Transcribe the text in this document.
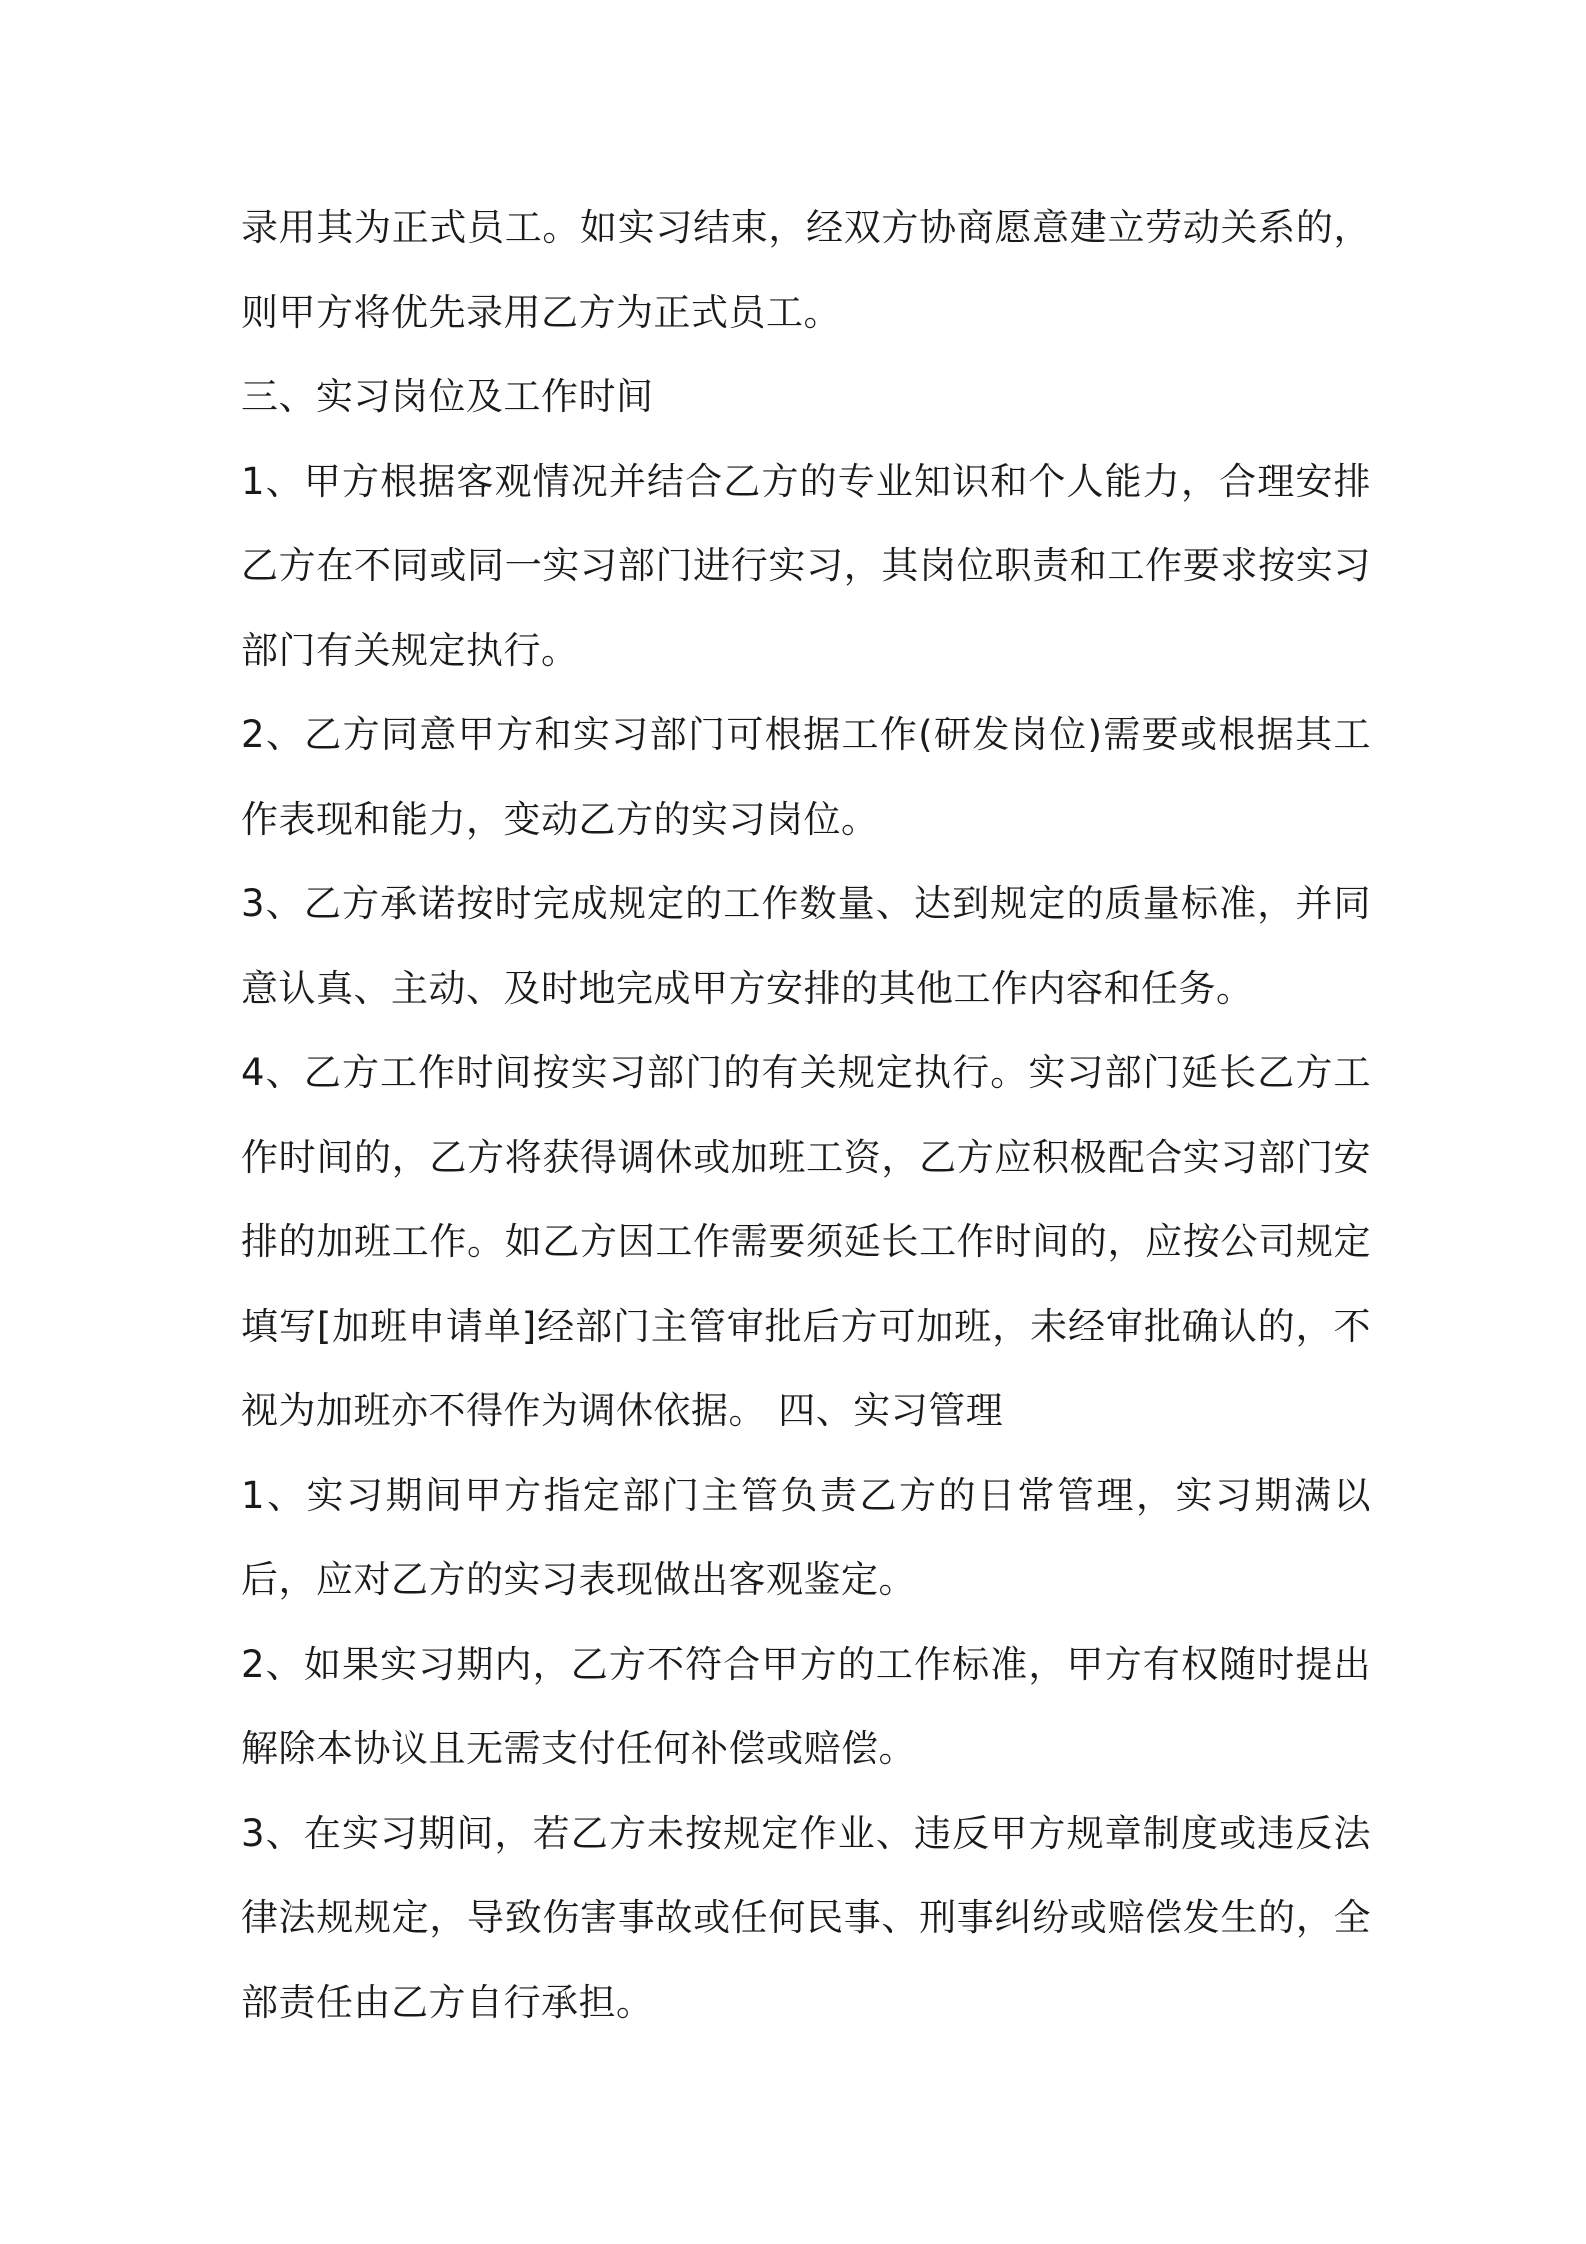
录用其为正式员工。如实习结束，经双方协商愿意建立劳动关系的，则甲方将优先录用乙方为正式员工。

三、实习岗位及工作时间

1、甲方根据客观情况并结合乙方的专业知识和个人能力，合理安排乙方在不同或同一实习部门进行实习，其岗位职责和工作要求按实习部门有关规定执行。

2、乙方同意甲方和实习部门可根据工作(研发岗位)需要或根据其工作表现和能力，变动乙方的实习岗位。

3、乙方承诺按时完成规定的工作数量、达到规定的质量标准，并同意认真、主动、及时地完成甲方安排的其他工作内容和任务。

4、乙方工作时间按实习部门的有关规定执行。实习部门延长乙方工作时间的，乙方将获得调休或加班工资，乙方应积极配合实习部门安排的加班工作。如乙方因工作需要须延长工作时间的，应按公司规定填写[加班申请单]经部门主管审批后方可加班，未经审批确认的，不视为加班亦不得作为调休依据。 四、实习管理

1、实习期间甲方指定部门主管负责乙方的日常管理，实习期满以后，应对乙方的实习表现做出客观鉴定。

2、如果实习期内，乙方不符合甲方的工作标准，甲方有权随时提出解除本协议且无需支付任何补偿或赔偿。

3、在实习期间，若乙方未按规定作业、违反甲方规章制度或违反法律法规规定，导致伤害事故或任何民事、刑事纠纷或赔偿发生的，全部责任由乙方自行承担。
